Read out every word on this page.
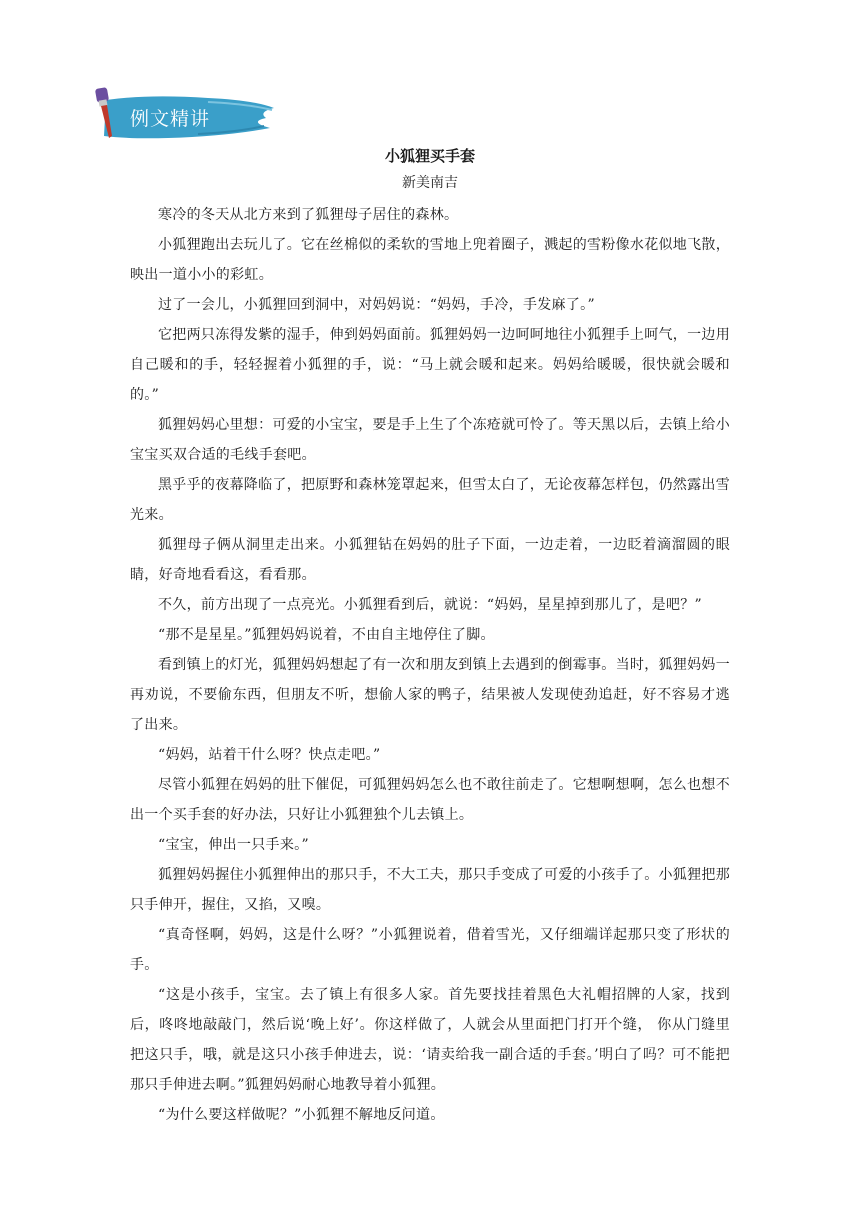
例文精讲
小狐狸买手套
新美南吉

寒冷的冬天从北方来到了狐狸母子居住的森林。

小狐狸跑出去玩儿了。它在丝棉似的柔软的雪地上兜着圈子，溅起的雪粉像水花似地飞散，映出一道小小的彩虹。

过了一会儿，小狐狸回到洞中，对妈妈说：“妈妈，手冷，手发麻了。”

它把两只冻得发紫的湿手，伸到妈妈面前。狐狸妈妈一边呵呵地往小狐狸手上呵气，一边用自己暖和的手，轻轻握着小狐狸的手，说：“马上就会暖和起来。妈妈给暖暖，很快就会暖和的。”

狐狸妈妈心里想：可爱的小宝宝，要是手上生了个冻疮就可怜了。等天黑以后，去镇上给小宝宝买双合适的毛线手套吧。

黑乎乎的夜幕降临了，把原野和森林笼罩起来，但雪太白了，无论夜幕怎样包，仍然露出雪光来。

狐狸母子俩从洞里走出来。小狐狸钻在妈妈的肚子下面，一边走着，一边眨着滴溜圆的眼睛，好奇地看看这，看看那。

不久，前方出现了一点亮光。小狐狸看到后，就说：“妈妈，星星掉到那儿了，是吧？”

“那不是星星。”狐狸妈妈说着，不由自主地停住了脚。

看到镇上的灯光，狐狸妈妈想起了有一次和朋友到镇上去遇到的倒霉事。当时，狐狸妈妈一再劝说，不要偷东西，但朋友不听，想偷人家的鸭子，结果被人发现使劲追赶，好不容易才逃了出来。

“妈妈，站着干什么呀？快点走吧。”

尽管小狐狸在妈妈的肚下催促，可狐狸妈妈怎么也不敢往前走了。它想啊想啊，怎么也想不出一个买手套的好办法，只好让小狐狸独个儿去镇上。

“宝宝，伸出一只手来。”

狐狸妈妈握住小狐狸伸出的那只手，不大工夫，那只手变成了可爱的小孩手了。小狐狸把那只手伸开，握住，又掐，又嗅。

“真奇怪啊，妈妈，这是什么呀？”小狐狸说着，借着雪光，又仔细端详起那只变了形状的手。

“这是小孩手，宝宝。去了镇上有很多人家。首先要找挂着黑色大礼帽招牌的人家，找到后，咚咚地敲敲门，然后说‘晚上好’。你这样做了，人就会从里面把门打开个缝， 你从门缝里把这只手，哦，就是这只小孩手伸进去，说：‘请卖给我一副合适的手套。’明白了吗？可不能把那只手伸进去啊。”狐狸妈妈耐心地教导着小狐狸。

“为什么要这样做呢？”小狐狸不解地反问道。
